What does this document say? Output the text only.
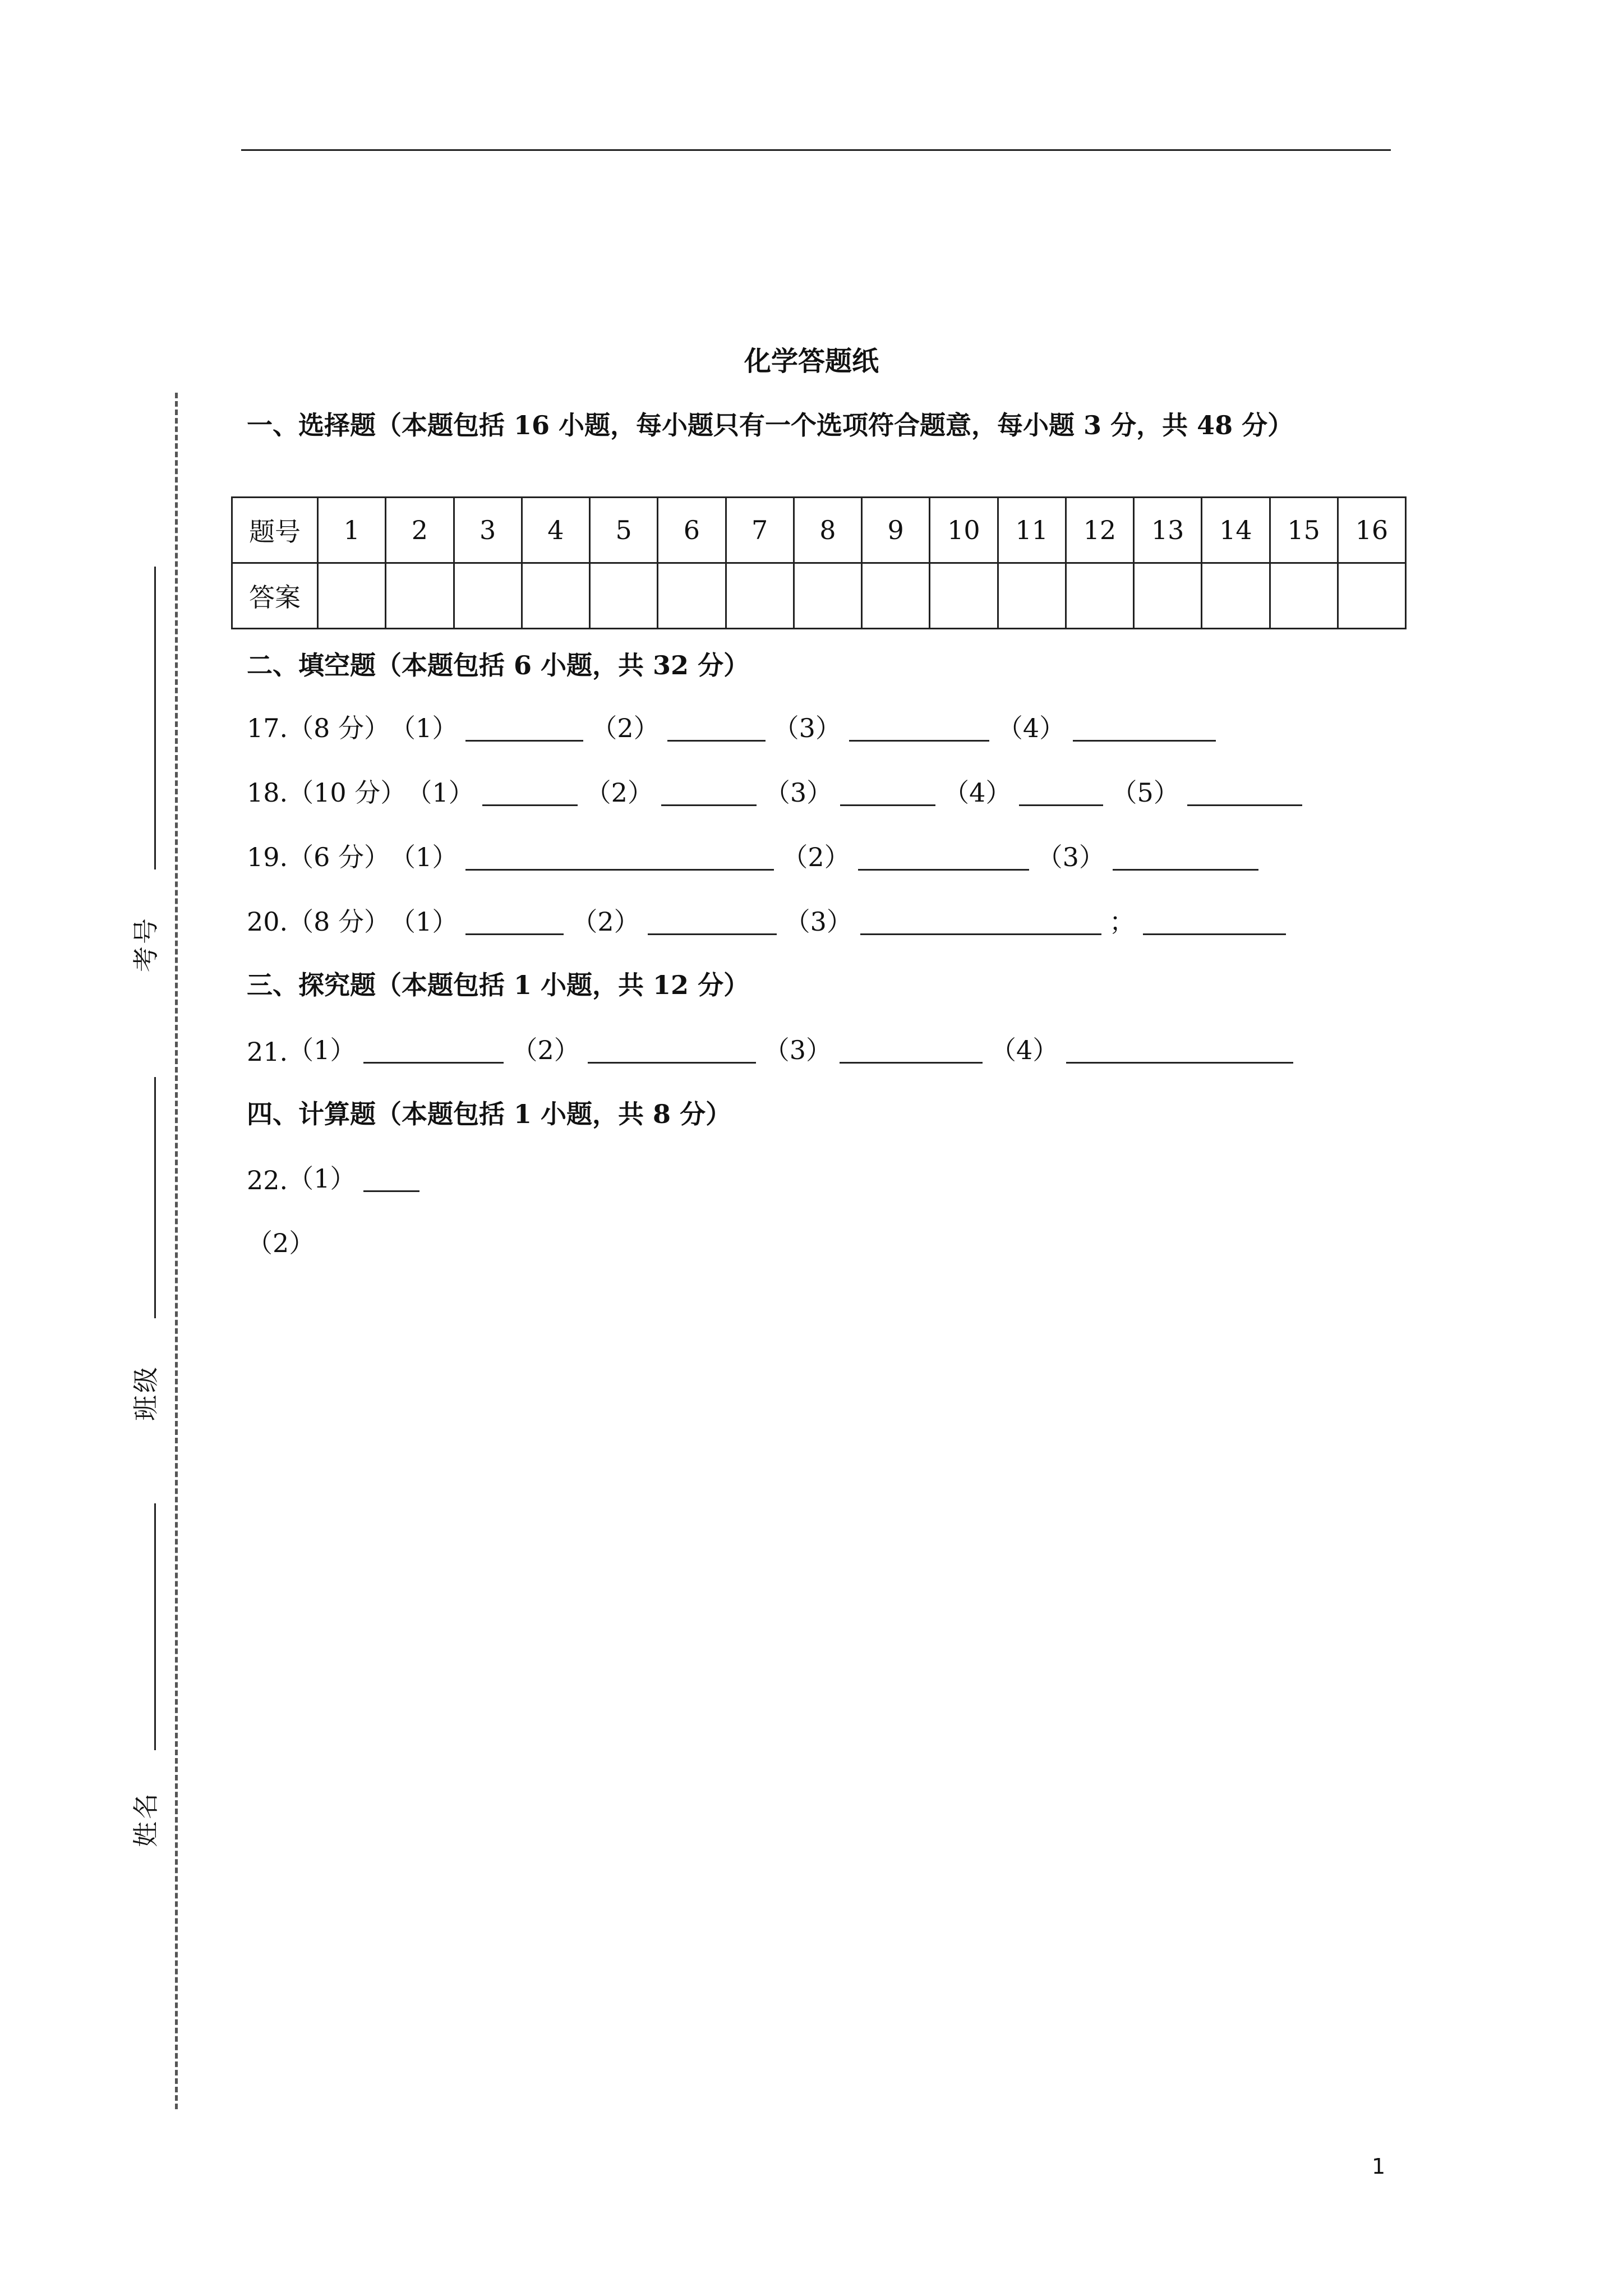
考号
班级
姓名
化学答题纸
一、选择题（本题包括 16 小题，每小题只有一个选项符合题意，每小题 3 分，共 48 分）
题号	1	2	3	4	5	6	7	8	9	10	11	12	13	14	15	16
答案																
二、填空题（本题包括 6 小题，共 32 分）
17.（8 分） （1）	（2）	（3）	（4）
18.（10 分） （1）	（2）	（3）	（4）	（5）
19.（6 分） （1）	（2）	（3）
20.（8 分） （1）	（2）	（3）	；
三、探究题（本题包括 1 小题，共 12 分）
21. （1）	（2）	（3）	（4）
四、计算题（本题包括 1 小题，共 8 分）
22. （1）
（2）
1
